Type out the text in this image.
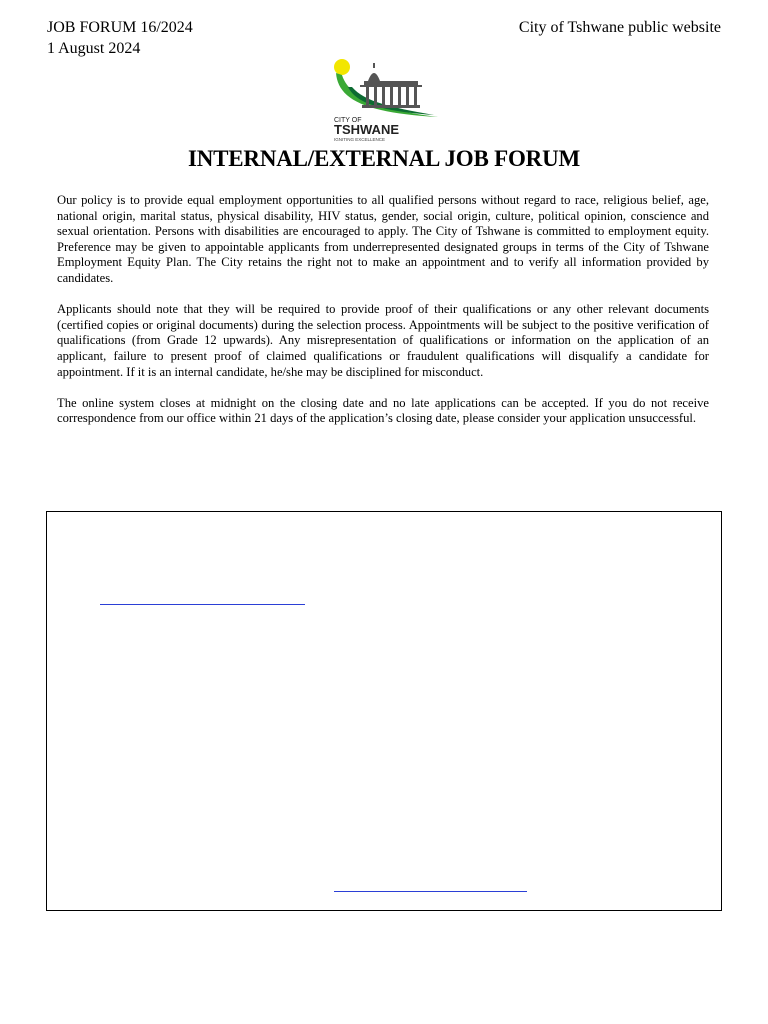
JOB FORUM 16/2024
1 August 2024
City of Tshwane public website
CITY OF
TSHWANE
IGNITING EXCELLENCE
INTERNAL/EXTERNAL JOB FORUM

Our policy is to provide equal employment opportunities to all qualified persons without regard to race, religious belief, age, national origin, marital status, physical disability, HIV status, gender, social origin, culture, political opinion, conscience and sexual orientation. Persons with disabilities are encouraged to apply. The City of Tshwane is committed to employment equity. Preference may be given to appointable applicants from underrepresented designated groups in terms of the City of Tshwane Employment Equity Plan. The City retains the right not to make an appointment and to verify all information provided by candidates.

Applicants should note that they will be required to provide proof of their qualifications or any other relevant documents (certified copies or original documents) during the selection process. Appointments will be subject to the positive verification of qualifications (from Grade 12 upwards). Any misrepresentation of qualifications or information on the application of an applicant, failure to present proof of claimed qualifications or fraudulent qualifications will disqualify a candidate for appointment. If it is an internal candidate, he/she may be disciplined for misconduct.

The online system closes at midnight on the closing date and no late applications can be accepted. If you do not receive correspondence from our office within 21 days of the application’s closing date, please consider your application unsuccessful.
